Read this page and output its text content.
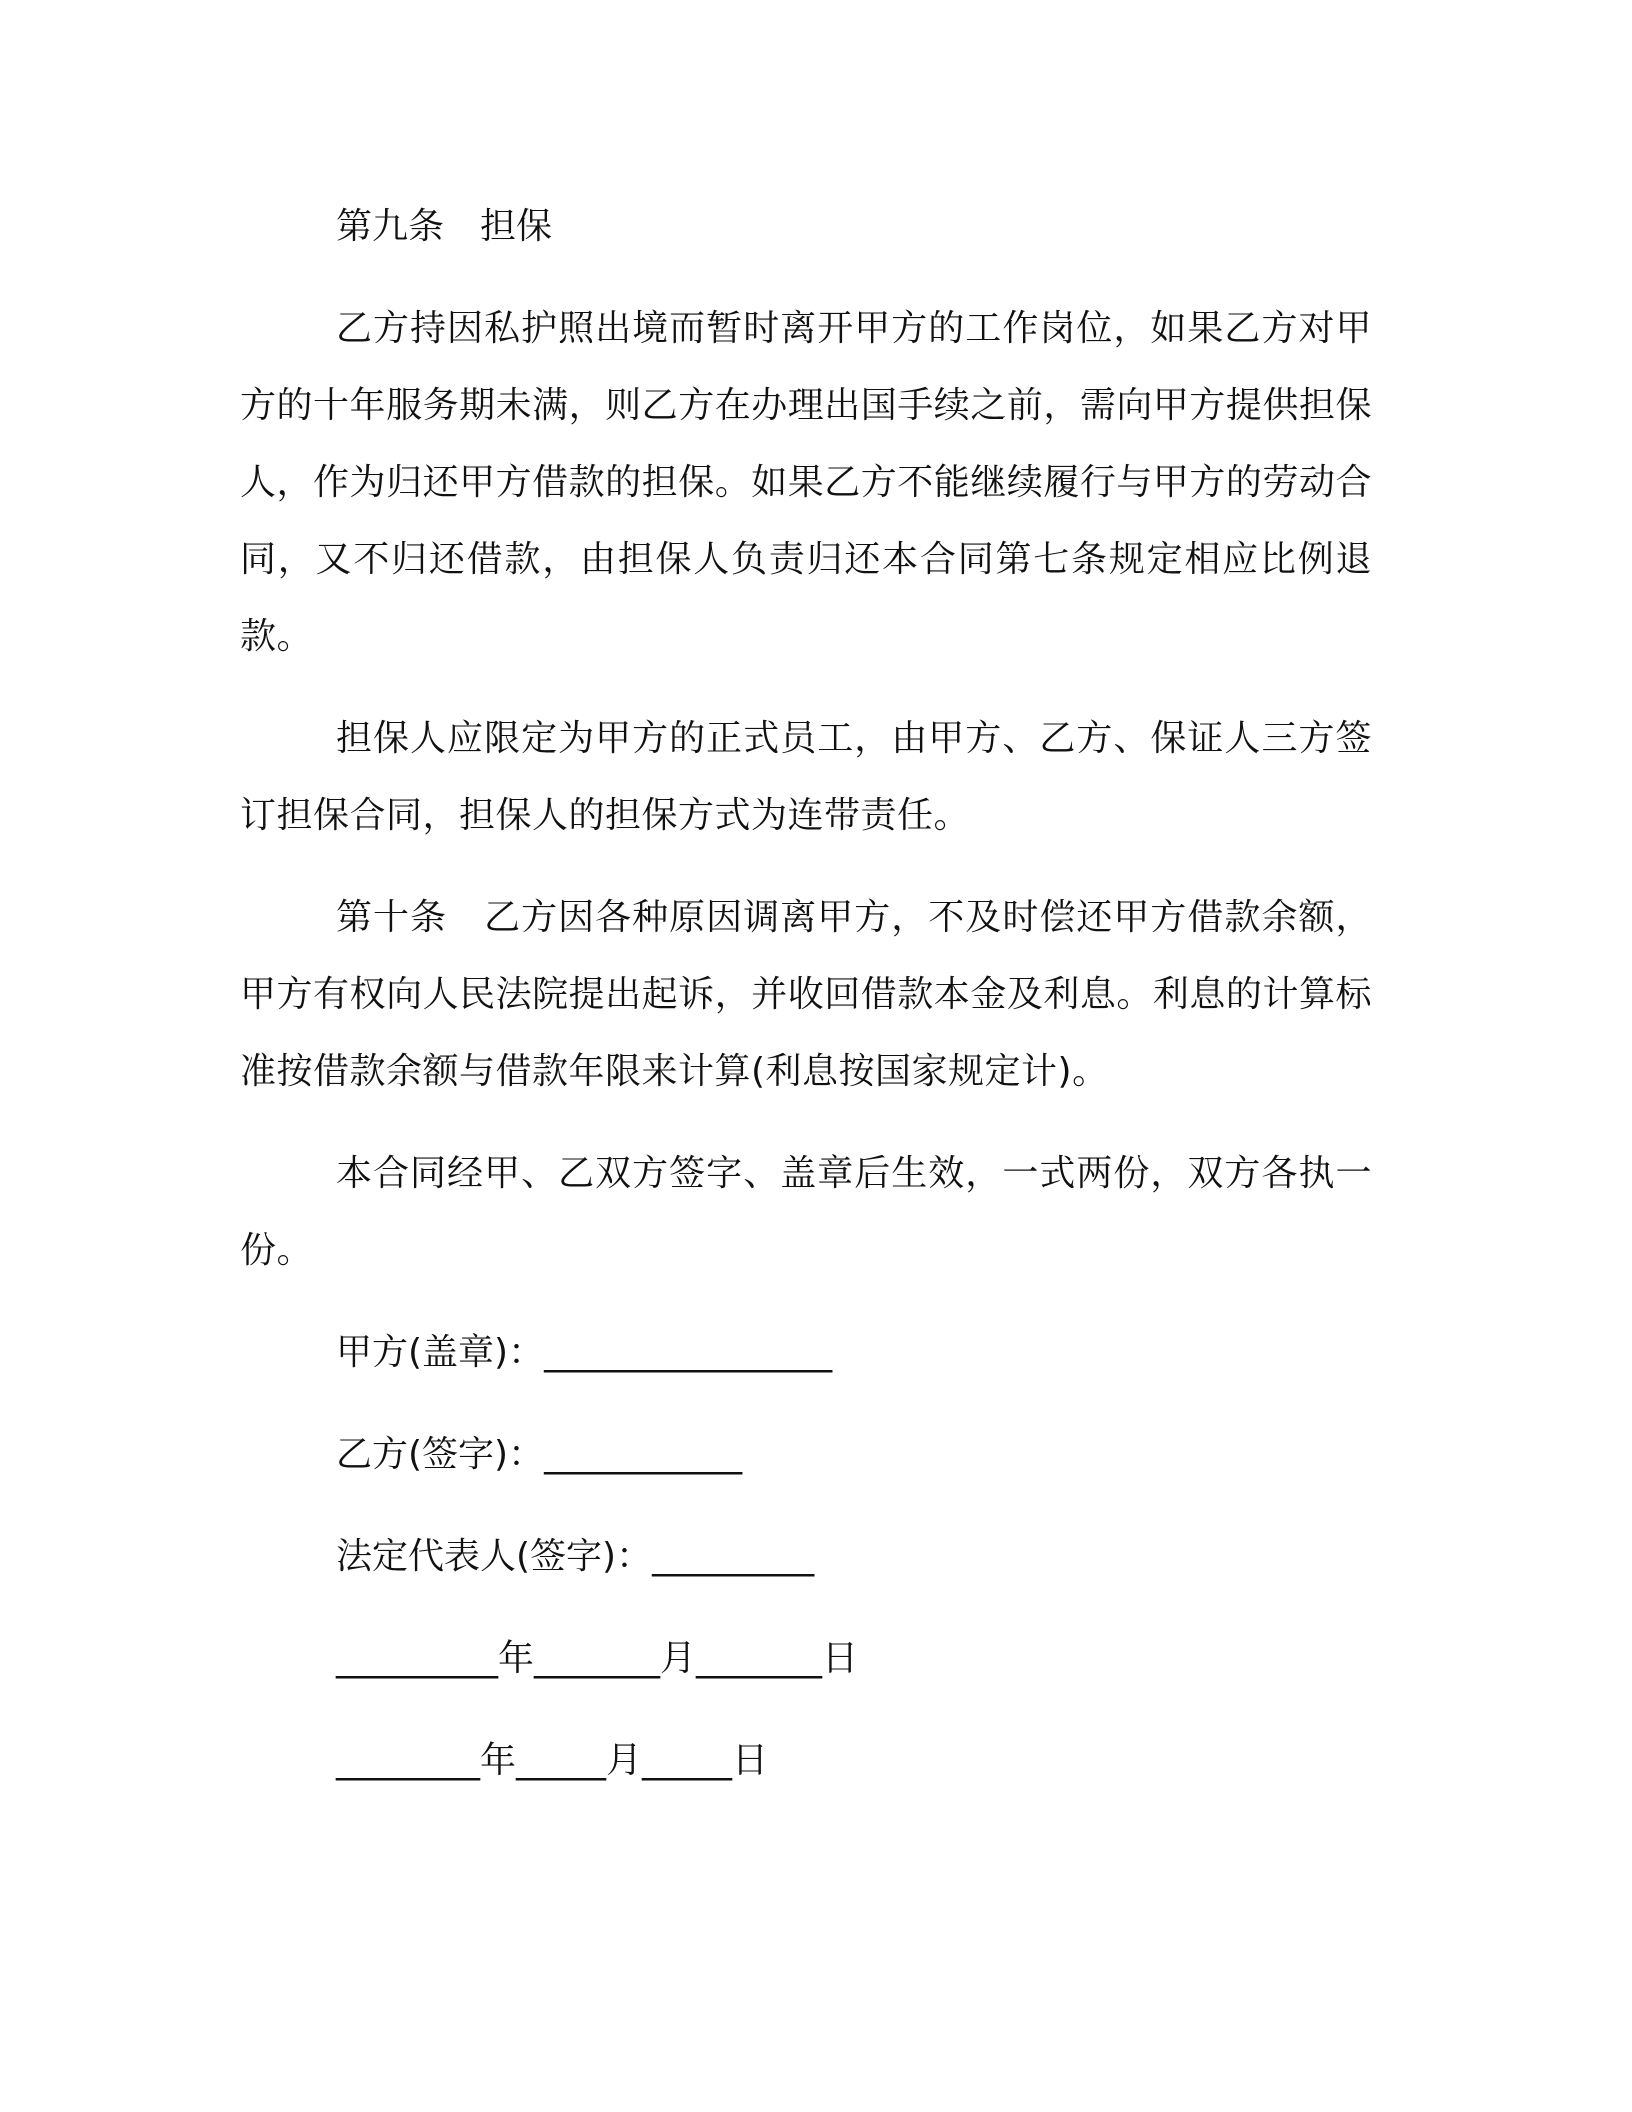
第九条　担保

乙方持因私护照出境而暂时离开甲方的工作岗位，如果乙方对甲方的十年服务期未满，则乙方在办理出国手续之前，需向甲方提供担保人，作为归还甲方借款的担保。如果乙方不能继续履行与甲方的劳动合同，又不归还借款，由担保人负责归还本合同第七条规定相应比例退款。

担保人应限定为甲方的正式员工，由甲方、乙方、保证人三方签订担保合同，担保人的担保方式为连带责任。

第十条　乙方因各种原因调离甲方，不及时偿还甲方借款余额，甲方有权向人民法院提出起诉，并收回借款本金及利息。利息的计算标准按借款余额与借款年限来计算(利息按国家规定计)。

本合同经甲、乙双方签字、盖章后生效，一式两份，双方各执一份。

甲方(盖章)：________________

乙方(签字)：___________

法定代表人(签字)：_________

_________年_______月_______日

________年_____月_____日
